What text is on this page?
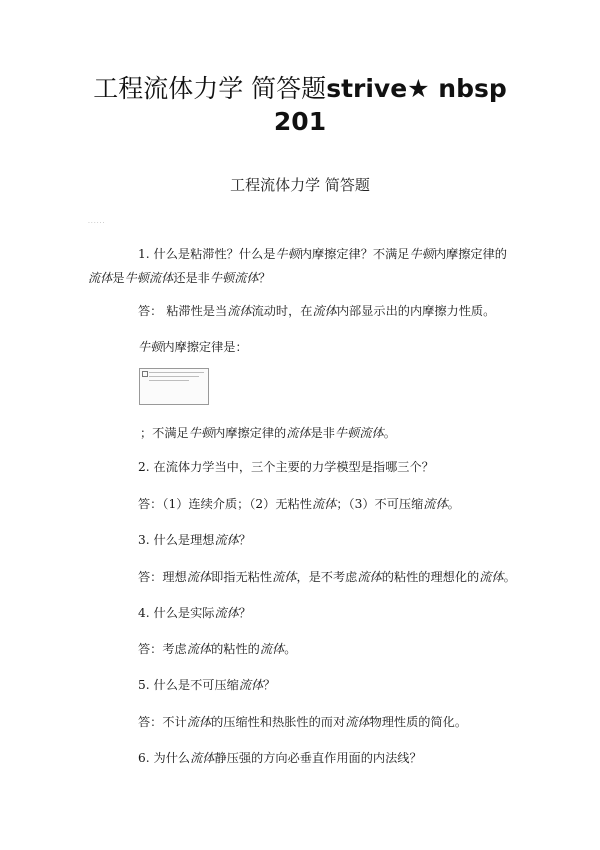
工程流体力学 简答题strive★ nbsp
201
工程流体力学 简答题
......
1. 什么是粘滞性？什么是牛顿内摩擦定律？不满足牛顿内摩擦定律的
流体是牛顿流体还是非牛顿流体？
答： 粘滞性是当流体流动时，在流体内部显示出的内摩擦力性质。
牛顿内摩擦定律是：
；不满足牛顿内摩擦定律的流体是非牛顿流体。
2. 在流体力学当中，三个主要的力学模型是指哪三个？
答：（1）连续介质；（2）无粘性流体；（3）不可压缩流体。
3. 什么是理想流体？
答：理想流体即指无粘性流体，是不考虑流体的粘性的理想化的流体。
4. 什么是实际流体？
答：考虑流体的粘性的流体。
5. 什么是不可压缩流体？
答：不计流体的压缩性和热胀性的而对流体物理性质的简化。
6. 为什么流体静压强的方向必垂直作用面的内法线？
